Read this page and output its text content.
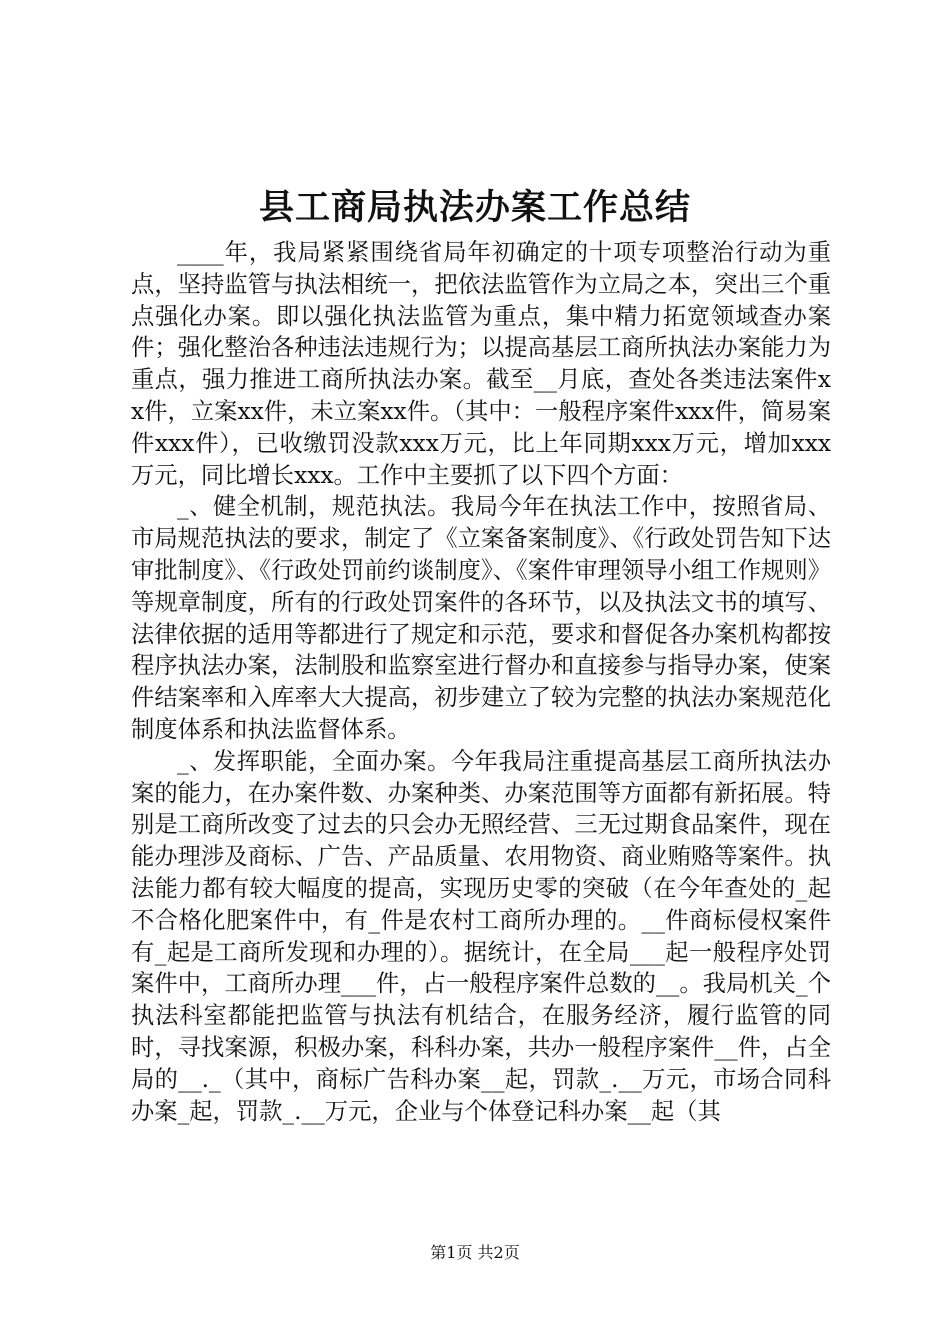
县工商局执法办案工作总结

____年，我局紧紧围绕省局年初确定的十项专项整治行动为重点，坚持监管与执法相统一，把依法监管作为立局之本，突出三个重点强化办案。即以强化执法监管为重点，集中精力拓宽领域查办案件；强化整治各种违法违规行为；以提高基层工商所执法办案能力为重点，强力推进工商所执法办案。截至__月底，查处各类违法案件xx件，立案xx件，未立案xx件。（其中：一般程序案件xxx件，简易案件xxx件），已收缴罚没款xxx万元，比上年同期xxx万元，增加xxx万元，同比增长xxx。工作中主要抓了以下四个方面：

_、健全机制，规范执法。我局今年在执法工作中，按照省局、市局规范执法的要求，制定了《立案备案制度》、《行政处罚告知下达审批制度》、《行政处罚前约谈制度》、《案件审理领导小组工作规则》等规章制度，所有的行政处罚案件的各环节，以及执法文书的填写、法律依据的适用等都进行了规定和示范，要求和督促各办案机构都按程序执法办案，法制股和监察室进行督办和直接参与指导办案，使案件结案率和入库率大大提高，初步建立了较为完整的执法办案规范化制度体系和执法监督体系。

_、发挥职能，全面办案。今年我局注重提高基层工商所执法办案的能力，在办案件数、办案种类、办案范围等方面都有新拓展。特别是工商所改变了过去的只会办无照经营、三无过期食品案件，现在能办理涉及商标、广告、产品质量、农用物资、商业贿赂等案件。执法能力都有较大幅度的提高，实现历史零的突破（在今年查处的_起不合格化肥案件中，有_件是农村工商所办理的。__件商标侵权案件有_起是工商所发现和办理的）。据统计，在全局___起一般程序处罚案件中，工商所办理___件，占一般程序案件总数的__。我局机关_个执法科室都能把监管与执法有机结合，在服务经济，履行监管的同时，寻找案源，积极办案，科科办案，共办一般程序案件__件，占全局的__._（其中，商标广告科办案__起，罚款_.__万元，市场合同科办案_起，罚款_.__万元，企业与个体登记科办案__起（其

第1页 共2页
